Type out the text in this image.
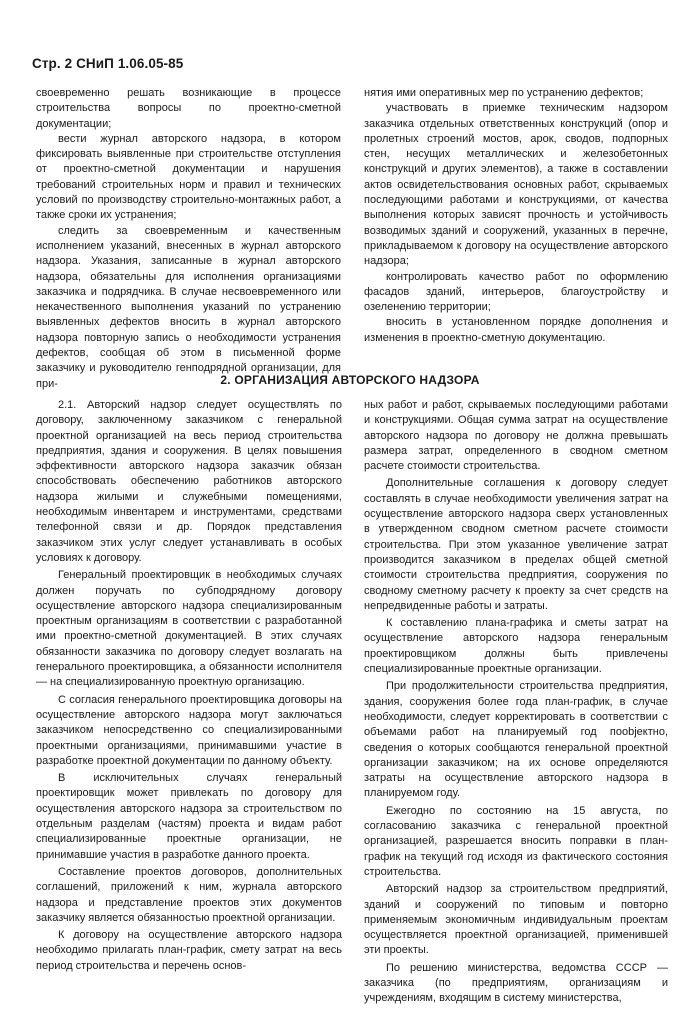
Стр. 2 СНиП 1.06.05-85

своевременно решать возникающие в процессе строительства вопросы по проектно-сметной документации;

вести журнал авторского надзора, в котором фиксировать выявленные при строительстве отступления от проектно-сметной документации и нарушения требований строительных норм и правил и технических условий по производству строительно-монтажных работ, а также сроки их устранения;

следить за своевременным и качественным исполнением указаний, внесенных в журнал авторского надзора. Указания, записанные в журнал авторского надзора, обязательны для исполнения организациями заказчика и подрядчика. В случае несвоевременного или некачественного выполнения указаний по устранению выявленных дефектов вносить в журнал авторского надзора повторную запись о необходимости устранения дефектов, сообщая об этом в письменной форме заказчику и руководителю генподрядной организации, для при-

нятия ими оперативных мер по устранению дефектов;

участвовать в приемке техническим надзором заказчика отдельных ответственных конструкций (опор и пролетных строений мостов, арок, сводов, подпорных стен, несущих металлических и железобетонных конструкций и других элементов), а также в составлении актов освидетельствования основных работ, скрываемых последующими работами и конструкциями, от качества выполнения которых зависят прочность и устойчивость возводимых зданий и сооружений, указанных в перечне, прикладываемом к договору на осуществление авторского надзора;

контролировать качество работ по оформлению фасадов зданий, интерьеров, благоустройству и озеленению территории;

вносить в установленном порядке дополнения и изменения в проектно-сметную документацию.

2. ОРГАНИЗАЦИЯ АВТОРСКОГО НАДЗОРА

2.1. Авторский надзор следует осуществлять по договору, заключенному заказчиком с генеральной проектной организацией на весь период строительства предприятия, здания и сооружения. В целях повышения эффективности авторского надзора заказчик обязан способствовать обеспечению работников авторского надзора жилыми и служебными помещениями, необходимым инвентарем и инструментами, средствами телефонной связи и др. Порядок представления заказчиком этих услуг следует устанавливать в особых условиях к договору.

Генеральный проектировщик в необходимых случаях должен поручать по субподрядному договору осуществление авторского надзора специализированным проектным организациям в соответствии с разработанной ими проектно-сметной документацией. В этих случаях обязанности заказчика по договору следует возлагать на генерального проектировщика, а обязанности исполнителя — на специализированную проектную организацию.

С согласия генерального проектировщика договоры на осуществление авторского надзора могут заключаться заказчиком непосредственно со специализированными проектными организациями, принимавшими участие в разработке проектной документации по данному объекту.

В исключительных случаях генеральный проектировщик может привлекать по договору для осуществления авторского надзора за строительством по отдельным разделам (частям) проекта и видам работ специализированные проектные организации, не принимавшие участия в разработке данного проекта.

Составление проектов договоров, дополнительных соглашений, приложений к ним, журнала авторского надзора и представление проектов этих документов заказчику является обязанностью проектной организации.

К договору на осуществление авторского надзора необходимо прилагать план-график, смету затрат на весь период строительства и перечень основ-

ных работ и работ, скрываемых последующими работами и конструкциями. Общая сумма затрат на осуществление авторского надзора по договору не должна превышать размера затрат, определенного в сводном сметном расчете стоимости строительства.

Дополнительные соглашения к договору следует составлять в случае необходимости увеличения затрат на осуществление авторского надзора сверх установленных в утвержденном сводном сметном расчете стоимости строительства. При этом указанное увеличение затрат производится заказчиком в пределах общей сметной стоимости строительства предприятия, сооружения по сводному сметному расчету к проекту за счет средств на непредвиденные работы и затраты.

К составлению плана-графика и сметы затрат на осуществление авторского надзора генеральным проектировщиком должны быть привлечены специализированные проектные организации.

При продолжительности строительства предприятия, здания, сооружения более года план-график, в случае необходимости, следует корректировать в соответствии с объемами работ на планируемый год поobjектно, сведения о которых сообщаются генеральной проектной организации заказчиком; на их основе определяются затраты на осуществление авторского надзора в планируемом году.

Ежегодно по состоянию на 15 августа, по согласованию заказчика с генеральной проектной организацией, разрешается вносить поправки в план-график на текущий год исходя из фактического состояния строительства.

Авторский надзор за строительством предприятий, зданий и сооружений по типовым и повторно применяемым экономичным индивидуальным проектам осуществляется проектной организацией, применившей эти проекты.

По решению министерства, ведомства СССР — заказчика (по предприятиям, организациям и учреждениям, входящим в систему министерства,
